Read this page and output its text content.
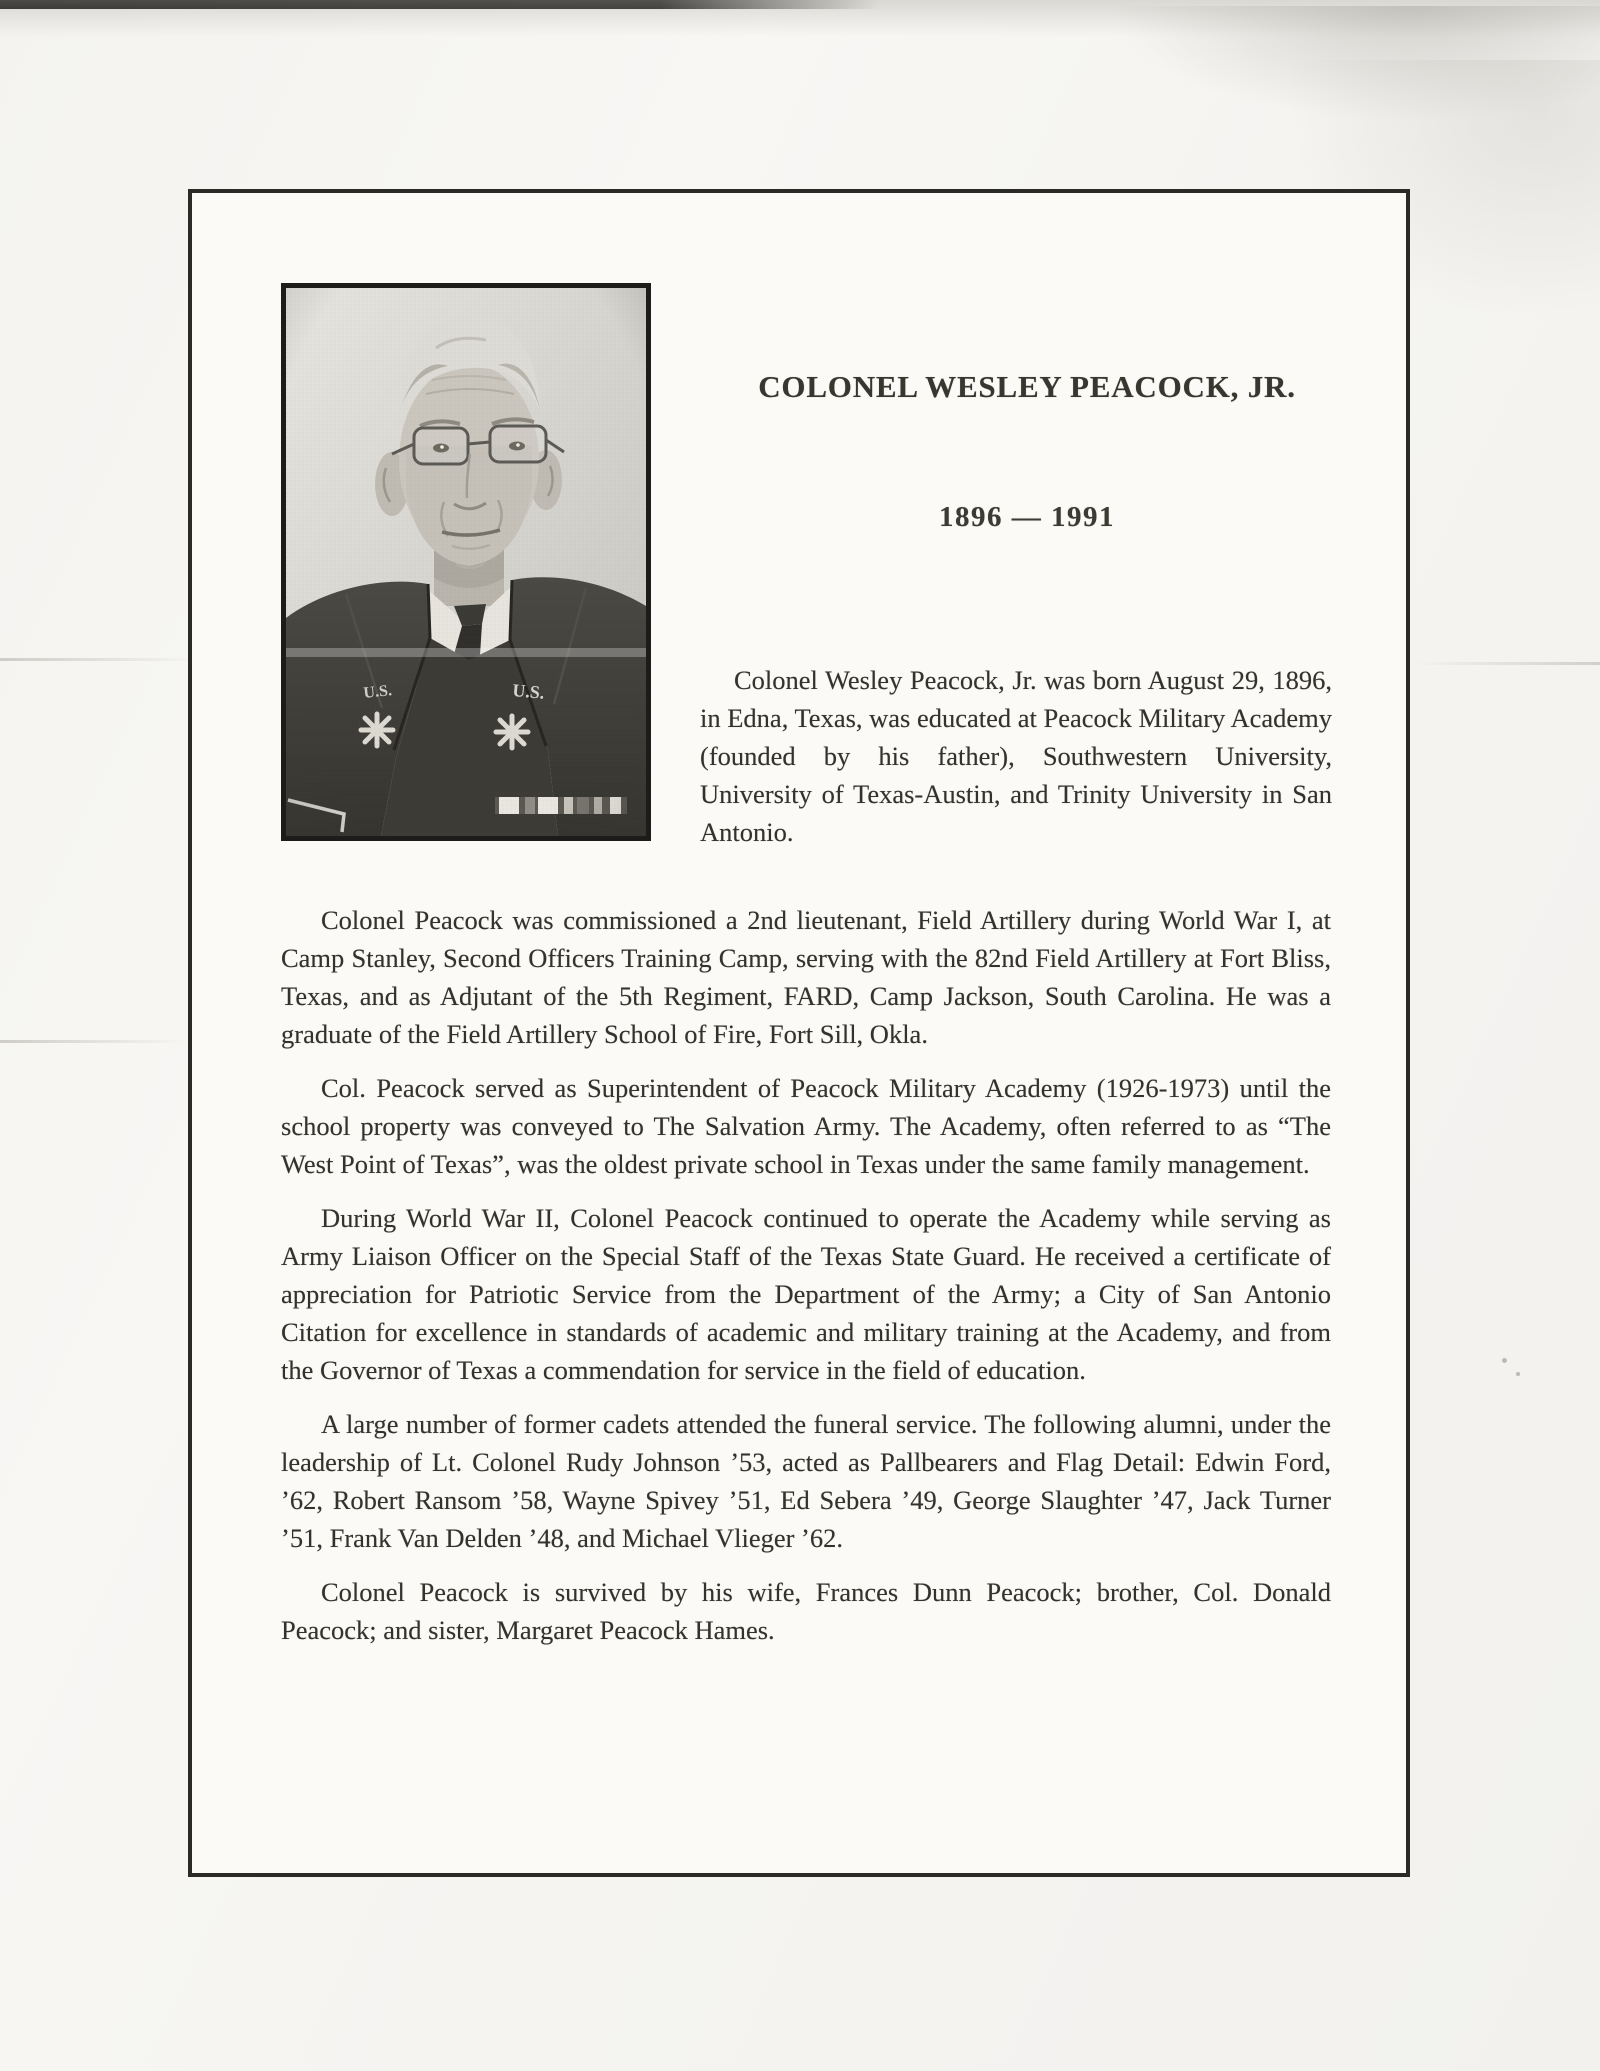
COLONEL WESLEY PEACOCK, JR.
1896 — 1991

Colonel Wesley Peacock, Jr. was born August 29, 1896, in Edna, Texas, was educated at Peacock Military Academy (founded by his father), Southwestern University, University of Texas-Austin, and Trinity University in San Antonio.

Colonel Peacock was commissioned a 2nd lieutenant, Field Artillery during World War I, at Camp Stanley, Second Officers Training Camp, serving with the 82nd Field Artillery at Fort Bliss, Texas, and as Adjutant of the 5th Regiment, FARD, Camp Jackson, South Carolina. He was a graduate of the Field Artillery School of Fire, Fort Sill, Okla.

Col. Peacock served as Superintendent of Peacock Military Academy (1926-1973) until the school property was conveyed to The Salvation Army. The Academy, often referred to as “The West Point of Texas”, was the oldest private school in Texas under the same family management.

During World War II, Colonel Peacock continued to operate the Academy while serving as Army Liaison Officer on the Special Staff of the Texas State Guard. He received a certificate of appreciation for Patriotic Service from the Department of the Army; a City of San Antonio Citation for excellence in standards of academic and military training at the Academy, and from the Governor of Texas a commendation for service in the field of education.

A large number of former cadets attended the funeral service. The following alumni, under the leadership of Lt. Colonel Rudy Johnson ’53, acted as Pallbearers and Flag Detail: Edwin Ford, ’62, Robert Ransom ’58, Wayne Spivey ’51, Ed Sebera ’49, George Slaughter ’47, Jack Turner ’51, Frank Van Delden ’48, and Michael Vlieger ’62.

Colonel Peacock is survived by his wife, Frances Dunn Peacock; brother, Col. Donald Peacock; and sister, Margaret Peacock Hames.
